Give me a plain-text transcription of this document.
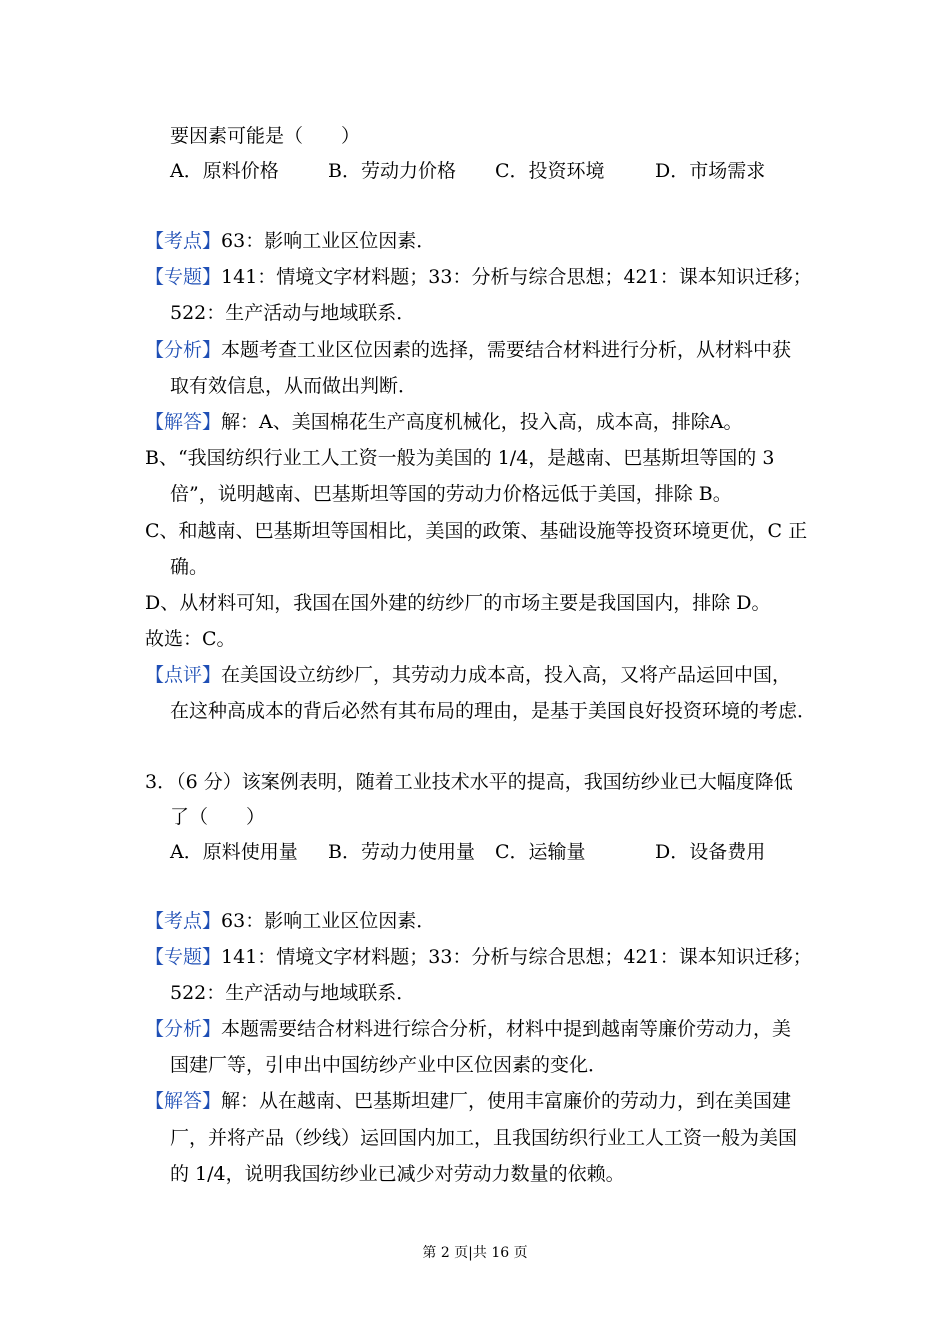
要因素可能是（　　）
A．原料价格	B．劳动力价格 C．投资环境	D．市场需求
【考点】63：影响工业区位因素．
【专题】141：情境文字材料题；33：分析与综合思想；421：课本知识迁移；
522：生产活动与地域联系．
【分析】本题考查工业区位因素的选择，需要结合材料进行分析，从材料中获
取有效信息，从而做出判断．
【解答】解：A、美国棉花生产高度机械化，投入高，成本高，排除A。
B、“我国纺织行业工人工资一般为美国的 1/4，是越南、巴基斯坦等国的 3
倍”，说明越南、巴基斯坦等国的劳动力价格远低于美国，排除 B。
C、和越南、巴基斯坦等国相比，美国的政策、基础设施等投资环境更优，C 正
确。
D、从材料可知，我国在国外建的纺纱厂的市场主要是我国国内，排除 D。
故选：C。
【点评】在美国设立纺纱厂，其劳动力成本高，投入高，又将产品运回中国，
在这种高成本的背后必然有其布局的理由，是基于美国良好投资环境的考虑．
3．（6 分）该案例表明，随着工业技术水平的提高，我国纺纱业已大幅度降低
了（　　）
A．原料使用量 B．劳动力使用量 C．运输量	D．设备费用
【考点】63：影响工业区位因素．
【专题】141：情境文字材料题；33：分析与综合思想；421：课本知识迁移；
522：生产活动与地域联系．
【分析】本题需要结合材料进行综合分析，材料中提到越南等廉价劳动力，美
国建厂等，引申出中国纺纱产业中区位因素的变化．
【解答】解：从在越南、巴基斯坦建厂，使用丰富廉价的劳动力，到在美国建
厂，并将产品（纱线）运回国内加工，且我国纺织行业工人工资一般为美国
的 1/4，说明我国纺纱业已减少对劳动力数量的依赖。
第 2 页|共 16 页
